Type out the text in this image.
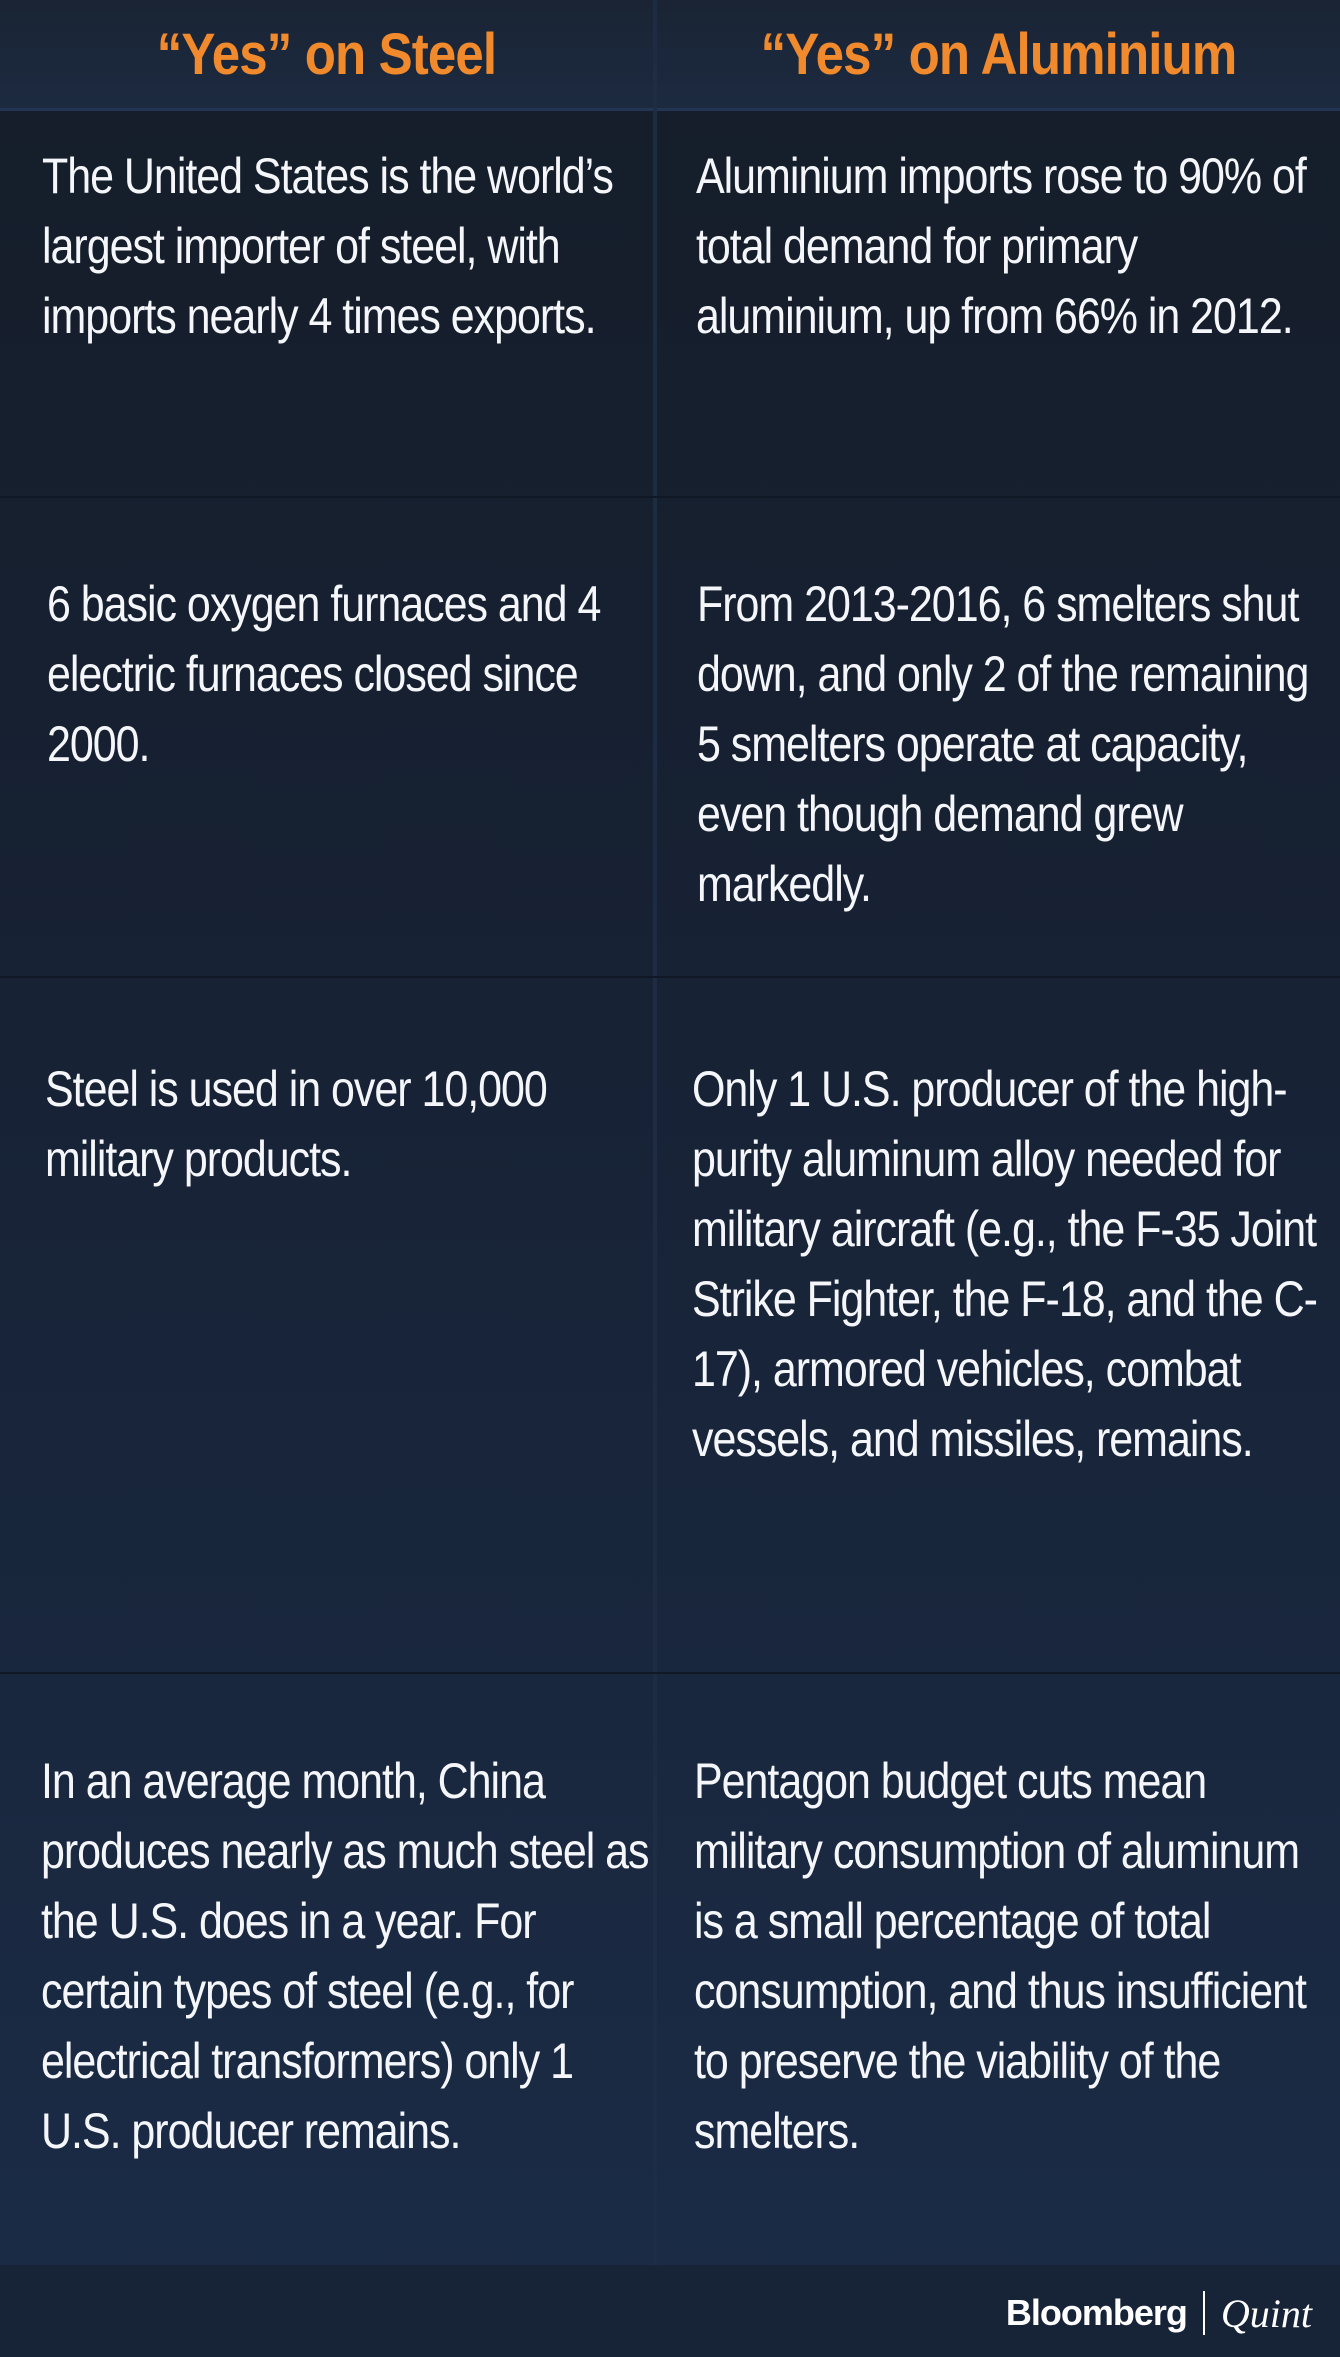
“Yes” on Steel	“Yes” on Aluminium
The United States is the world’s largest importer of steel, with imports nearly 4 times exports.
Aluminium imports rose to 90% of total demand for primary aluminium, up from 66% in 2012.
6 basic oxygen furnaces and 4 electric furnaces closed since 2000.
From 2013-2016, 6 smelters shut down, and only 2 of the remaining 5 smelters operate at capacity, even though demand grew markedly.
Steel is used in over 10,000 military products.
Only 1 U.S. producer of the high-purity aluminum alloy needed for military aircraft (e.g., the F-35 Joint Strike Fighter, the F-18, and the C-17), armored vehicles, combat vessels, and missiles, remains.
In an average month, China produces nearly as much steel as the U.S. does in a year. For certain types of steel (e.g., for electrical transformers) only 1 U.S. producer remains.
Pentagon budget cuts mean military consumption of aluminum is a small percentage of total consumption, and thus insufficient to preserve the viability of the smelters.
Bloomberg Quint
